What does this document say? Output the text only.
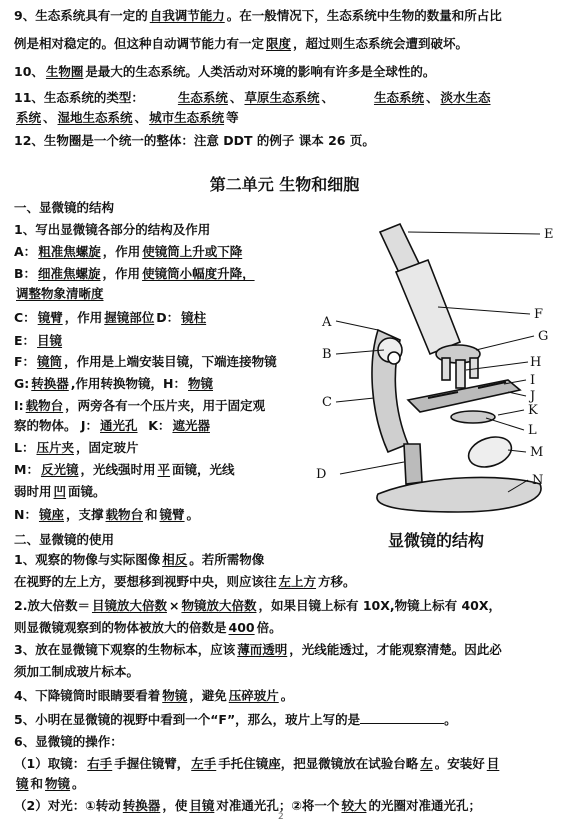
9、生态系统具有一定的 自我调节能力 。在一般情况下，生态系统中生物的数量和所占比
例是相对稳定的。但这种自动调节能力有一定 限度 ，超过则生态系统会遭到破坏。
10、 生物圈 是最大的生态系统。人类活动对环境的影响有许多是全球性的。
11、生态系统的类型：	生态系统 、 草原生态系统 、	生态系统 、 淡水生态
系统 、 湿地生态系统 、 城市生态系统 等
12、生物圈是一个统一的整体：注意 DDT 的例子 课本 26 页。
第二单元 生物和细胞
一、显微镜的结构
1、写出显微镜各部分的结构及作用
A： 粗准焦螺旋 ，作用 使镜筒上升或下降
B： 细准焦螺旋 ，作用 使镜筒小幅度升降，
调整物象清晰度
C： 镜臂 ，作用 握镜部位 D： 镜柱
E： 目镜
F： 镜筒 ，作用是上端安装目镜，下端连接物镜
G: 转换器 ,作用转换物镜，H： 物镜
I: 载物台 ，两旁各有一个压片夹，用于固定观
察的物体。 J： 通光孔 K： 遮光器
L： 压片夹 ，固定玻片
M： 反光镜 ，光线强时用 平 面镜，光线
弱时用 凹 面镜。
N： 镜座 ，支撑 载物台 和 镜臂 。
A
B
C
D
E
F
G
H
I
J
K
L
M
N
显微镜的结构
二、显微镜的使用
1、观察的物像与实际图像 相反 。若所需物像
在视野的左上方，要想移到视野中央，则应该往 左上方 方移。
2.放大倍数＝ 目镜放大倍数 × 物镜放大倍数 ，如果目镜上标有 10X,物镜上标有 40X，
则显微镜观察到的物体被放大的倍数是 400 倍。
3、放在显微镜下观察的生物标本，应该 薄而透明 ，光线能透过，才能观察清楚。因此必
须加工制成玻片标本。
4、下降镜筒时眼睛要看着 物镜 ，避免 压碎玻片 。
5、小明在显微镜的视野中看到一个“F”，那么，玻片上写的是	。
6、显微镜的操作：
（1）取镜： 右手 手握住镜臂， 左手 手托住镜座，把显微镜放在试验台略 左 。安装好 目
镜 和 物镜 。
（2）对光：①转动 转换器 ，使 目镜 对准通光孔；②将一个 较大 的光圈对准通光孔；
2
